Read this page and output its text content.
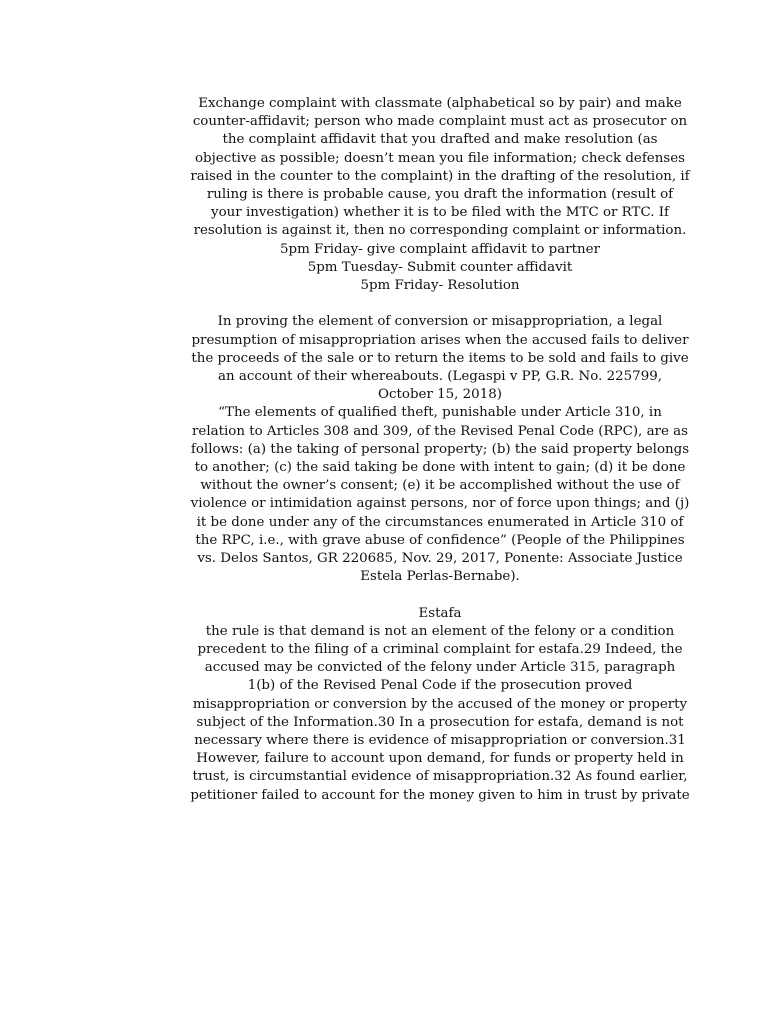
Exchange complaint with classmate (alphabetical so by pair) and make counter-affidavit; person who made complaint must act as prosecutor on the complaint affidavit that you drafted and make resolution (as objective as possible; doesn’t mean you file information; check defenses raised in the counter to the complaint) in the drafting of the resolution, if ruling is there is probable cause, you draft the information (result of your investigation) whether it is to be filed with the MTC or RTC. If resolution is against it, then no corresponding complaint or information.

5pm Friday- give complaint affidavit to partner

5pm Tuesday- Submit counter affidavit

5pm Friday- Resolution

In proving the element of conversion or misappropriation, a legal presumption of misappropriation arises when the accused fails to deliver the proceeds of the sale or to return the items to be sold and fails to give an account of their whereabouts. (Legaspi v PP, G.R. No. 225799, October 15, 2018)

“The elements of qualified theft, punishable under Article 310, in relation to Articles 308 and 309, of the Revised Penal Code (RPC), are as follows: (a) the taking of personal property; (b) the said property belongs to another; (c) the said taking be done with intent to gain; (d) it be done without the owner’s consent; (e) it be accomplished without the use of violence or intimidation against persons, nor of force upon things; and (j) it be done under any of the circumstances enumerated in Article 310 of the RPC, i.e., with grave abuse of confidence” (People of the Philippines vs. Delos Santos, GR 220685, Nov. 29, 2017, Ponente: Associate Justice Estela Perlas-Bernabe).

Estafa

the rule is that demand is not an element of the felony or a condition precedent to the filing of a criminal complaint for estafa.29 Indeed, the accused may be convicted of the felony under Article 315, paragraph 1(b) of the Revised Penal Code if the prosecution proved misappropriation or conversion by the accused of the money or property subject of the Information.30 In a prosecution for estafa, demand is not necessary where there is evidence of misappropriation or conversion.31 However, failure to account upon demand, for funds or property held in trust, is circumstantial evidence of misappropriation.32 As found earlier, petitioner failed to account for the money given to him in trust by private
